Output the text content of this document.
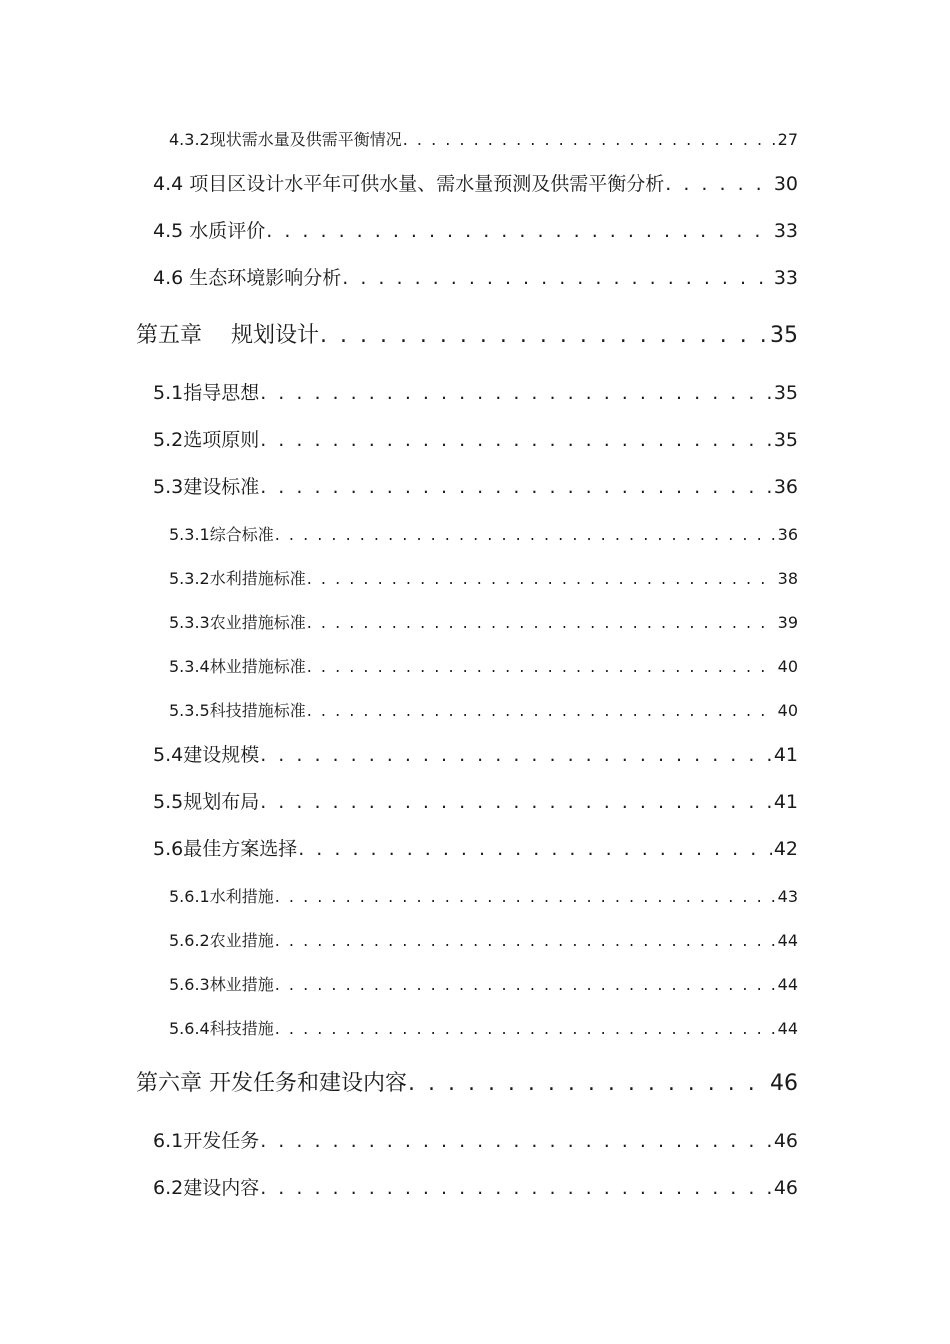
4.3.2现状需水量及供需平衡情况 . . .	27
4.4 项目区设计水平年可供水量、需水量预测及供需平衡分析 . . .	30
4.5 水质评价 . . .	33
4.6 生态环境影响分析 . . .	33
第五章　 规划设计 . . .	35
5.1指导思想 . . .	35
5.2选项原则 . . .	35
5.3建设标准 . . .	36
5.3.1综合标准 . . .	36
5.3.2水利措施标准 . . .	38
5.3.3农业措施标准 . . .	39
5.3.4林业措施标准 . . .	40
5.3.5科技措施标准 . . .	40
5.4建设规模 . . .	41
5.5规划布局 . . .	41
5.6最佳方案选择 . . .	42
5.6.1水利措施 . . .	43
5.6.2农业措施 . . .	44
5.6.3林业措施 . . .	44
5.6.4科技措施 . . .	44
第六章 开发任务和建设内容 . . .	46
6.1开发任务 . . .	46
6.2建设内容 . . .	46
